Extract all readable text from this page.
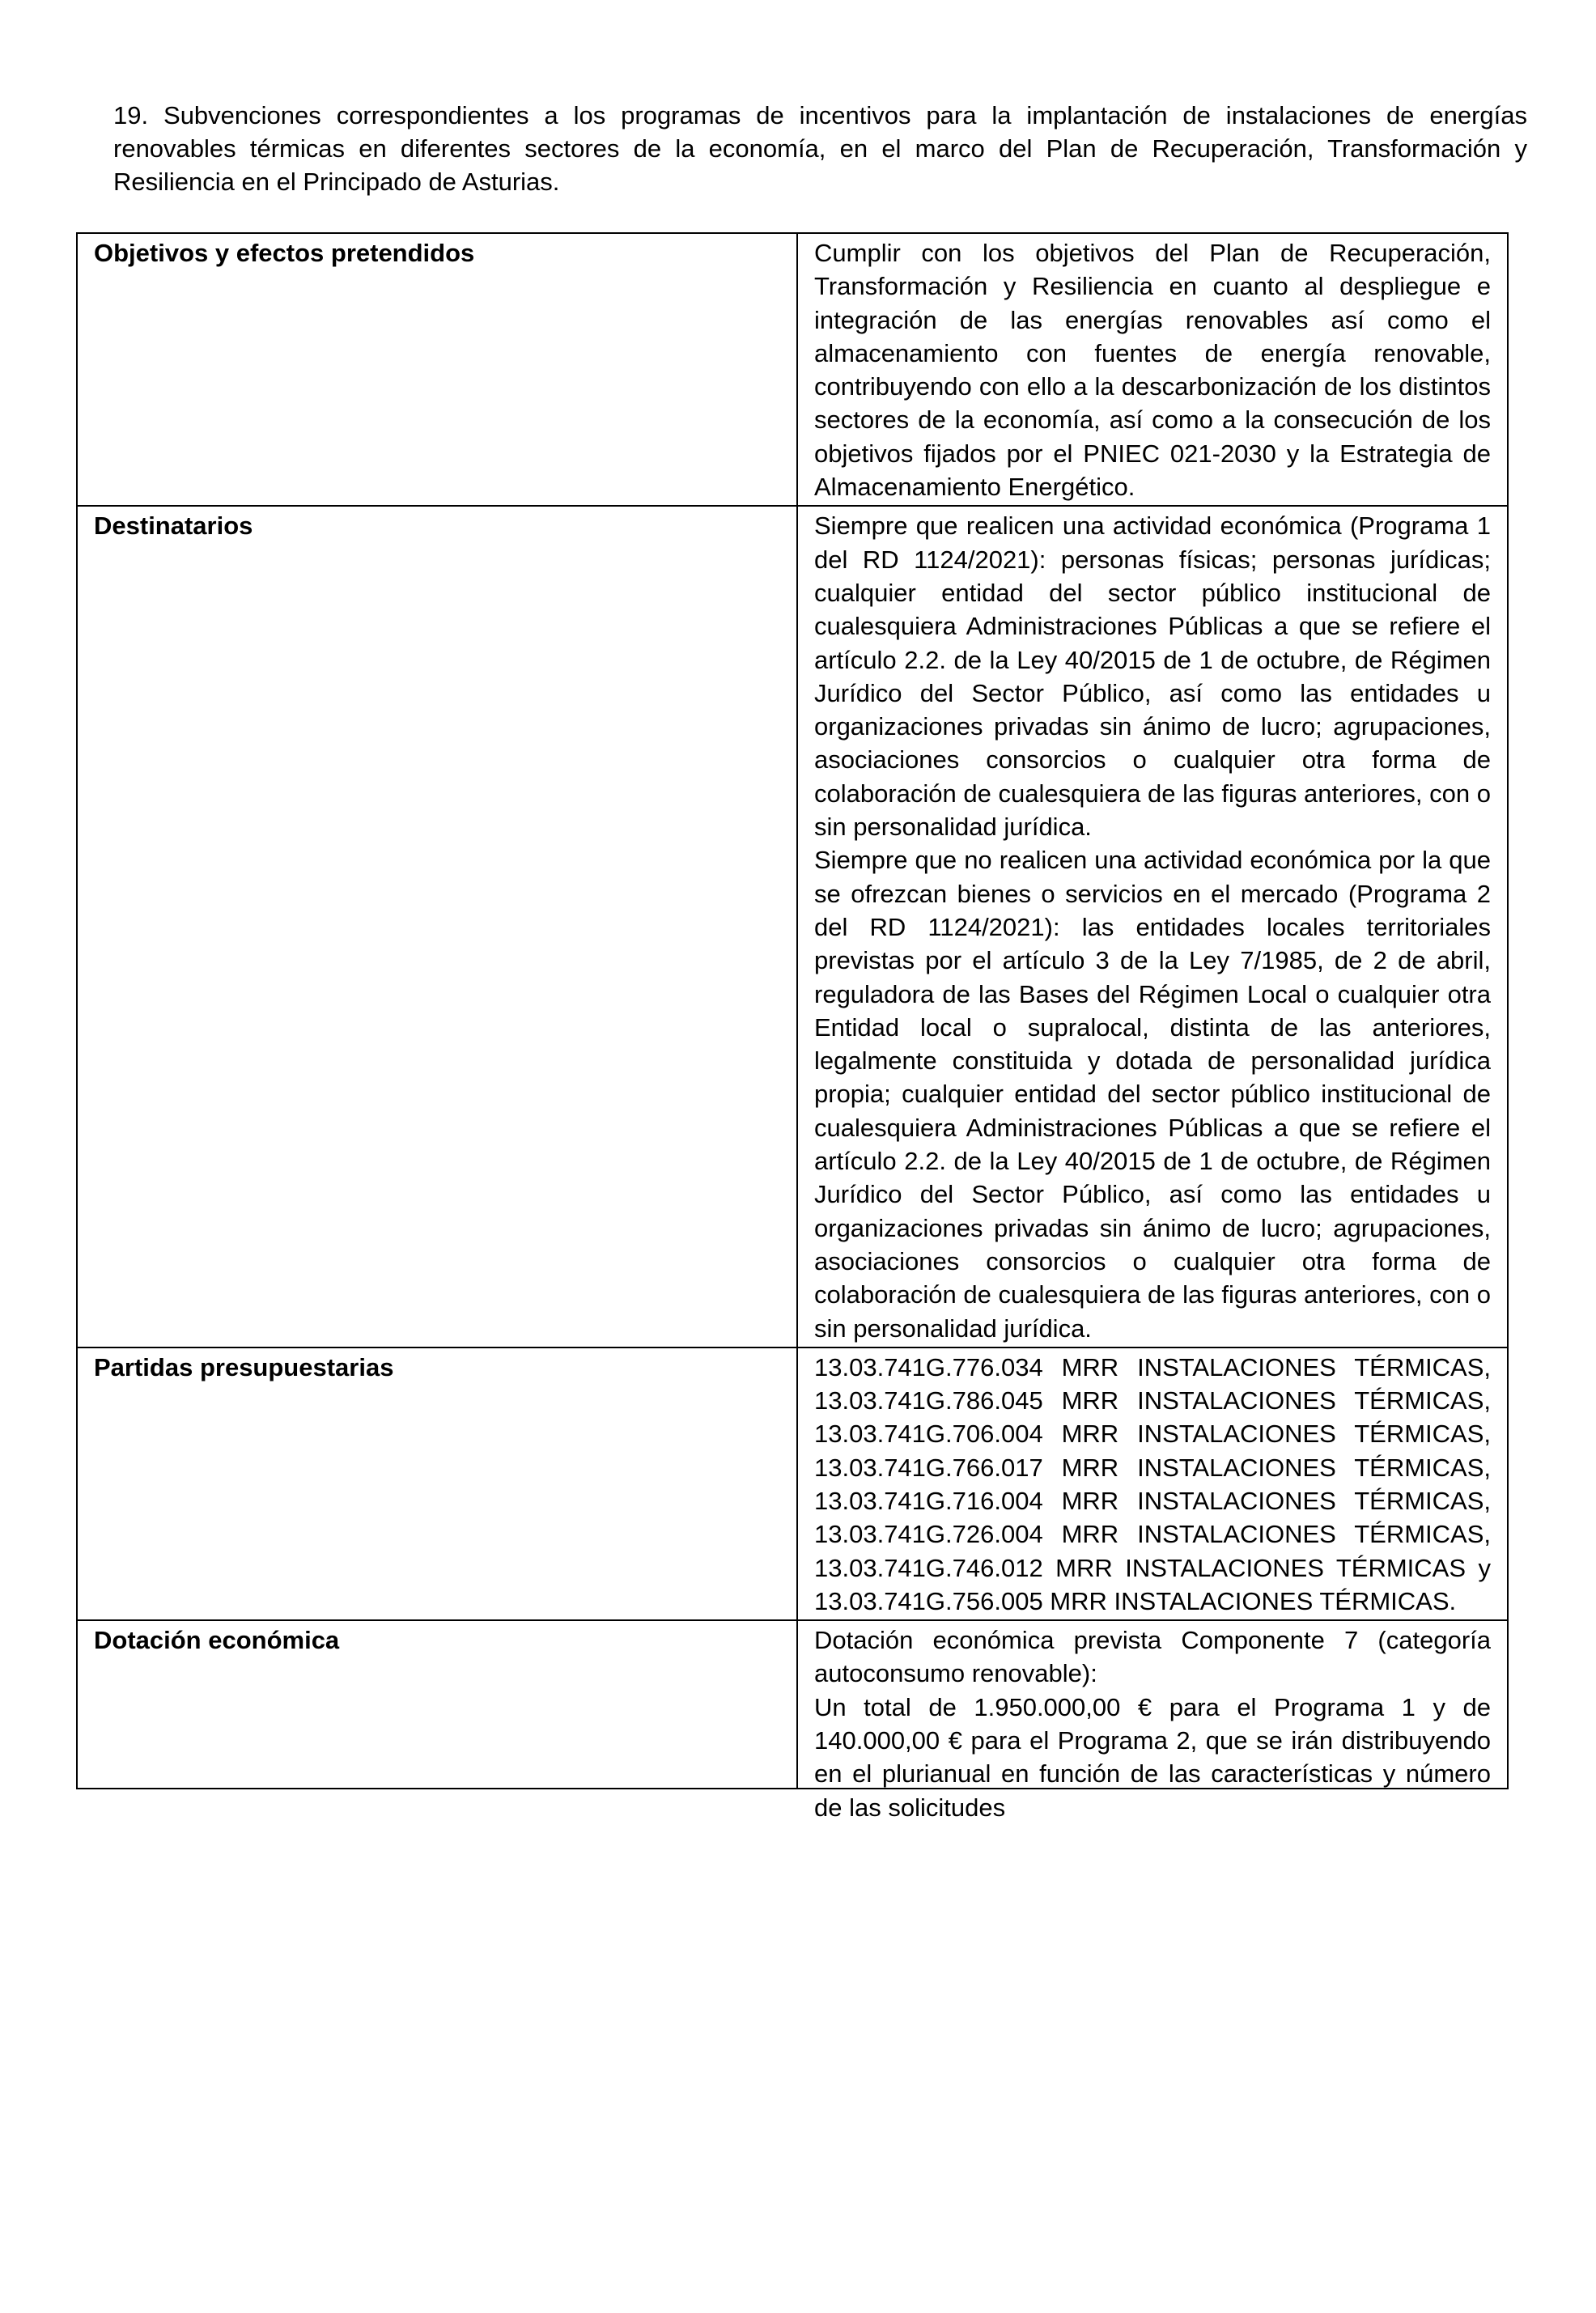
19. Subvenciones correspondientes a los programas de incentivos para la implantación de instalaciones de energías renovables térmicas en diferentes sectores de la economía, en el marco del Plan de Recuperación, Transformación y Resiliencia en el Principado de Asturias.

Objetivos y efectos pretendidos	Cumplir con los objetivos del Plan de Recuperación, Transformación y Resiliencia en cuanto al despliegue e integración de las energías renovables así como el almacenamiento con fuentes de energía renovable, contribuyendo con ello a la descarbonización de los distintos sectores de la economía, así como a la consecución de los objetivos fijados por el PNIEC 021-2030 y la Estrategia de Almacenamiento Energético.

Destinatarios	Siempre que realicen una actividad económica (Programa 1 del RD 1124/2021): personas físicas; personas jurídicas; cualquier entidad del sector público institucional de cualesquiera Administraciones Públicas a que se refiere el artículo 2.2. de la Ley 40/2015 de 1 de octubre, de Régimen Jurídico del Sector Público, así como las entidades u organizaciones privadas sin ánimo de lucro; agrupaciones, asociaciones consorcios o cualquier otra forma de colaboración de cualesquiera de las figuras anteriores, con o sin personalidad jurídica.

Siempre que no realicen una actividad económica por la que se ofrezcan bienes o servicios en el mercado (Programa 2 del RD 1124/2021): las entidades locales territoriales previstas por el artículo 3 de la Ley 7/1985, de 2 de abril, reguladora de las Bases del Régimen Local o cualquier otra Entidad local o supralocal, distinta de las anteriores, legalmente constituida y dotada de personalidad jurídica propia; cualquier entidad del sector público institucional de cualesquiera Administraciones Públicas a que se refiere el artículo 2.2. de la Ley 40/2015 de 1 de octubre, de Régimen Jurídico del Sector Público, así como las entidades u organizaciones privadas sin ánimo de lucro; agrupaciones, asociaciones consorcios o cualquier otra forma de colaboración de cualesquiera de las figuras anteriores, con o sin personalidad jurídica.

Partidas presupuestarias	13.03.741G.776.034 MRR INSTALACIONES TÉRMICAS, 13.03.741G.786.045 MRR INSTALACIONES TÉRMICAS, 13.03.741G.706.004 MRR INSTALACIONES TÉRMICAS, 13.03.741G.766.017 MRR INSTALACIONES TÉRMICAS, 13.03.741G.716.004 MRR INSTALACIONES TÉRMICAS, 13.03.741G.726.004 MRR INSTALACIONES TÉRMICAS, 13.03.741G.746.012 MRR INSTALACIONES TÉRMICAS y 13.03.741G.756.005 MRR INSTALACIONES TÉRMICAS.

Dotación económica	Dotación económica prevista Componente 7 (categoría autoconsumo renovable):

Un total de 1.950.000,00 € para el Programa 1 y de 140.000,00 € para el Programa 2, que se irán distribuyendo en el plurianual en función de las características y número de las solicitudes
